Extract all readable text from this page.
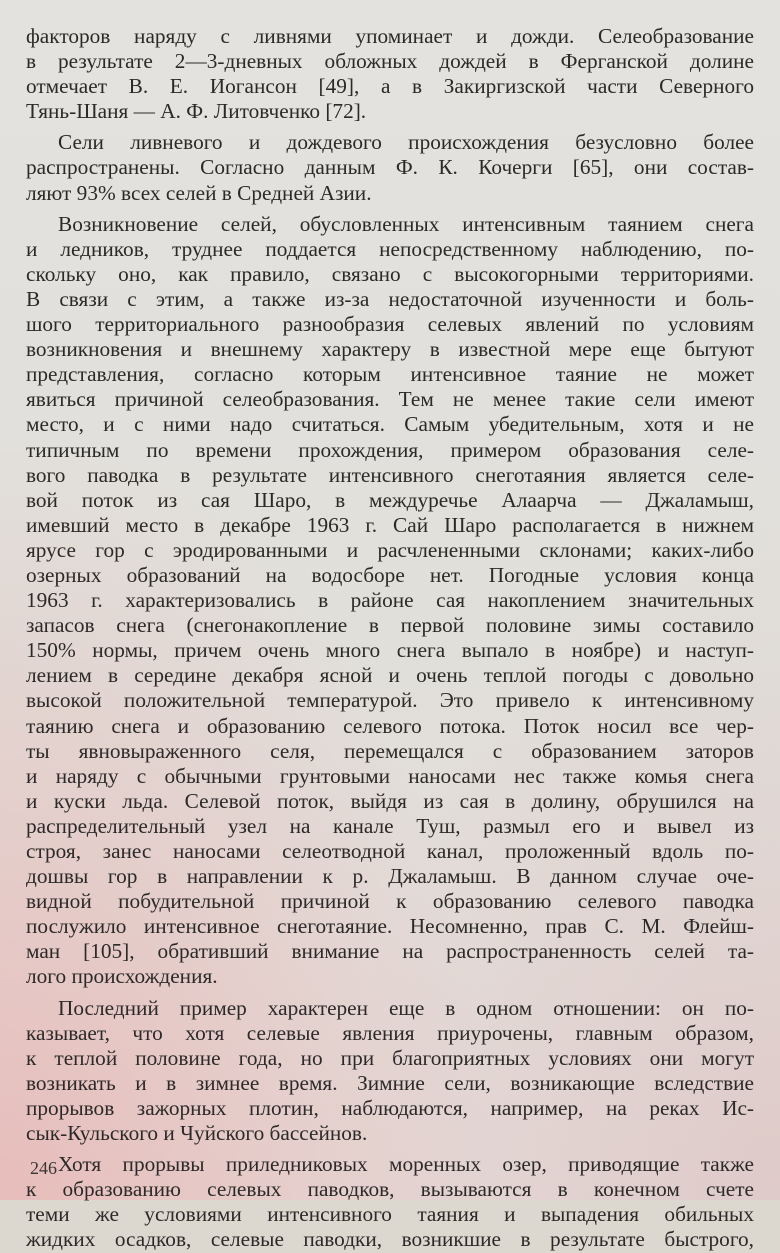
факторов наряду с ливнями упоминает и дожди. Селеобразование
в результате 2—3-дневных обложных дождей в Ферганской долине
отмечает В. Е. Иогансон [49], а в Закиргизской части Северного
Тянь-Шаня — А. Ф. Литовченко [72].
Сели ливневого и дождевого происхождения безусловно более
распространены. Согласно данным Ф. К. Кочерги [65], они состав-
ляют 93% всех селей в Средней Азии.
Возникновение селей, обусловленных интенсивным таянием снега
и ледников, труднее поддается непосредственному наблюдению, по-
скольку оно, как правило, связано с высокогорными территориями.
В связи с этим, а также из-за недостаточной изученности и боль-
шого территориального разнообразия селевых явлений по условиям
возникновения и внешнему характеру в известной мере еще бытуют
представления, согласно которым интенсивное таяние не может
явиться причиной селеобразования. Тем не менее такие сели имеют
место, и с ними надо считаться. Самым убедительным, хотя и не
типичным по времени прохождения, примером образования селе-
вого паводка в результате интенсивного снеготаяния является селе-
вой поток из сая Шаро, в междуречье Алаарча — Джаламыш,
имевший место в декабре 1963 г. Сай Шаро располагается в нижнем
ярусе гор с эродированными и расчлененными склонами; каких-либо
озерных образований на водосборе нет. Погодные условия конца
1963 г. характеризовались в районе сая накоплением значительных
запасов снега (снегонакопление в первой половине зимы составило
150% нормы, причем очень много снега выпало в ноябре) и наступ-
лением в середине декабря ясной и очень теплой погоды с довольно
высокой положительной температурой. Это привело к интенсивному
таянию снега и образованию селевого потока. Поток носил все чер-
ты явновыраженного селя, перемещался с образованием заторов
и наряду с обычными грунтовыми наносами нес также комья снега
и куски льда. Селевой поток, выйдя из сая в долину, обрушился на
распределительный узел на канале Туш, размыл его и вывел из
строя, занес наносами селеотводной канал, проложенный вдоль по-
дошвы гор в направлении к р. Джаламыш. В данном случае оче-
видной побудительной причиной к образованию селевого паводка
послужило интенсивное снеготаяние. Несомненно, прав С. М. Флейш-
ман [105], обративший внимание на распространенность селей та-
лого происхождения.
Последний пример характерен еще в одном отношении: он по-
казывает, что хотя селевые явления приурочены, главным образом,
к теплой половине года, но при благоприятных условиях они могут
возникать и в зимнее время. Зимние сели, возникающие вследствие
прорывов зажорных плотин, наблюдаются, например, на реках Ис-
сык-Кульского и Чуйского бассейнов.
Хотя прорывы приледниковых моренных озер, приводящие также
к образованию селевых паводков, вызываются в конечном счете
теми же условиями интенсивного таяния и выпадения обильных
жидких осадков, селевые паводки, возникшие в результате быстрого,
246
